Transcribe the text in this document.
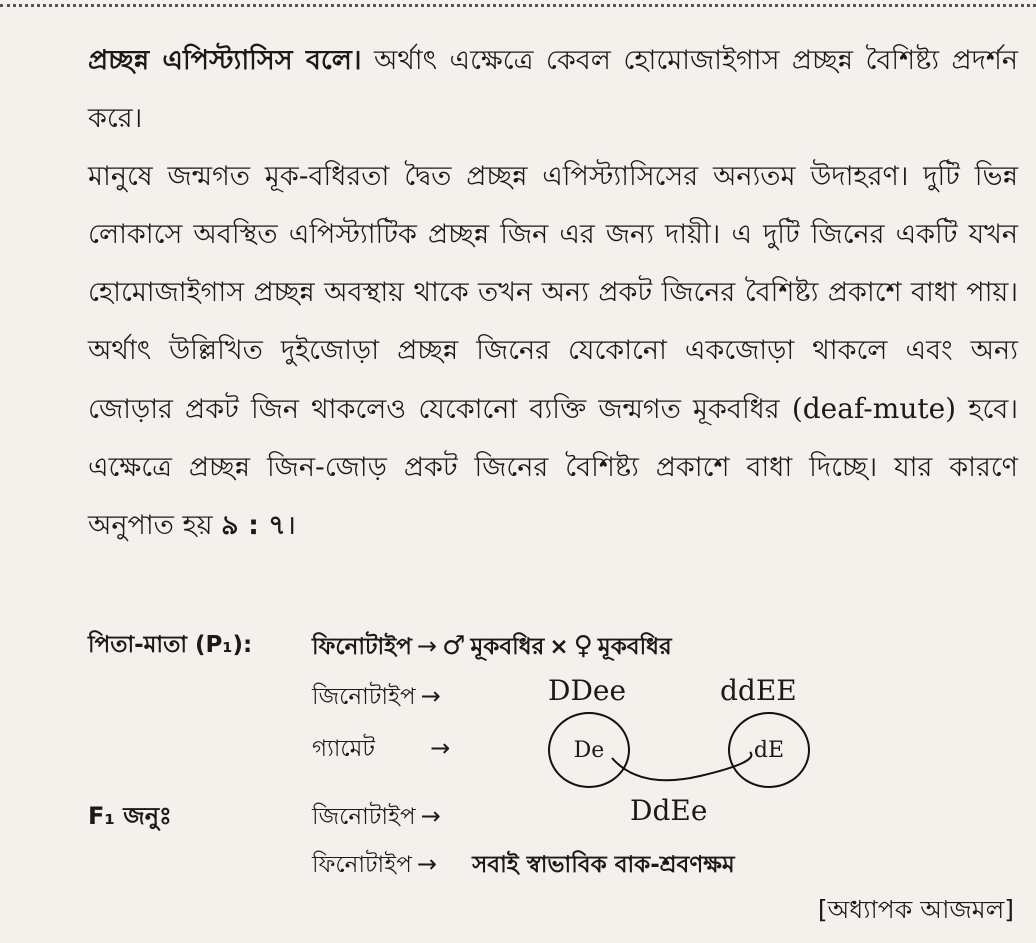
প্রচ্ছন্ন এপিস্ট্যাসিস বলে। অর্থাৎ এক্ষেত্রে কেবল হোমোজাইগাস প্রচ্ছন্ন বৈশিষ্ট্য প্রদর্শন করে।
মানুষে জন্মগত মূক-বধিরতা দ্বৈত প্রচ্ছন্ন এপিস্ট্যাসিসের অন্যতম উদাহরণ। দুটি ভিন্ন লোকাসে অবস্থিত এপিস্ট্যাটিক প্রচ্ছন্ন জিন এর জন্য দায়ী। এ দুটি জিনের একটি যখন হোমোজাইগাস প্রচ্ছন্ন অবস্থায় থাকে তখন অন্য প্রকট জিনের বৈশিষ্ট্য প্রকাশে বাধা পায়। অর্থাৎ উল্লিখিত দুইজোড়া প্রচ্ছন্ন জিনের যেকোনো একজোড়া থাকলে এবং অন্য জোড়ার প্রকট জিন থাকলেও যেকোনো ব্যক্তি জন্মগত মূকবধির (deaf-mute) হবে। এক্ষেত্রে প্রচ্ছন্ন জিন-জোড় প্রকট জিনের বৈশিষ্ট্য প্রকাশে বাধা দিচ্ছে। যার কারণে অনুপাত হয় ৯ : ৭।
পিতা-মাতা (P₁):	ফিনোটাইপ → ♂ মূকবধির × ♀ মূকবধির
জিনোটাইপ →	DDee	ddEE
গ্যামেট →	De	dE
F₁ জনুঃ	জিনোটাইপ →	DdEe
ফিনোটাইপ → সবাই স্বাভাবিক বাক-শ্রবণক্ষম
[অধ্যাপক আজমল]
